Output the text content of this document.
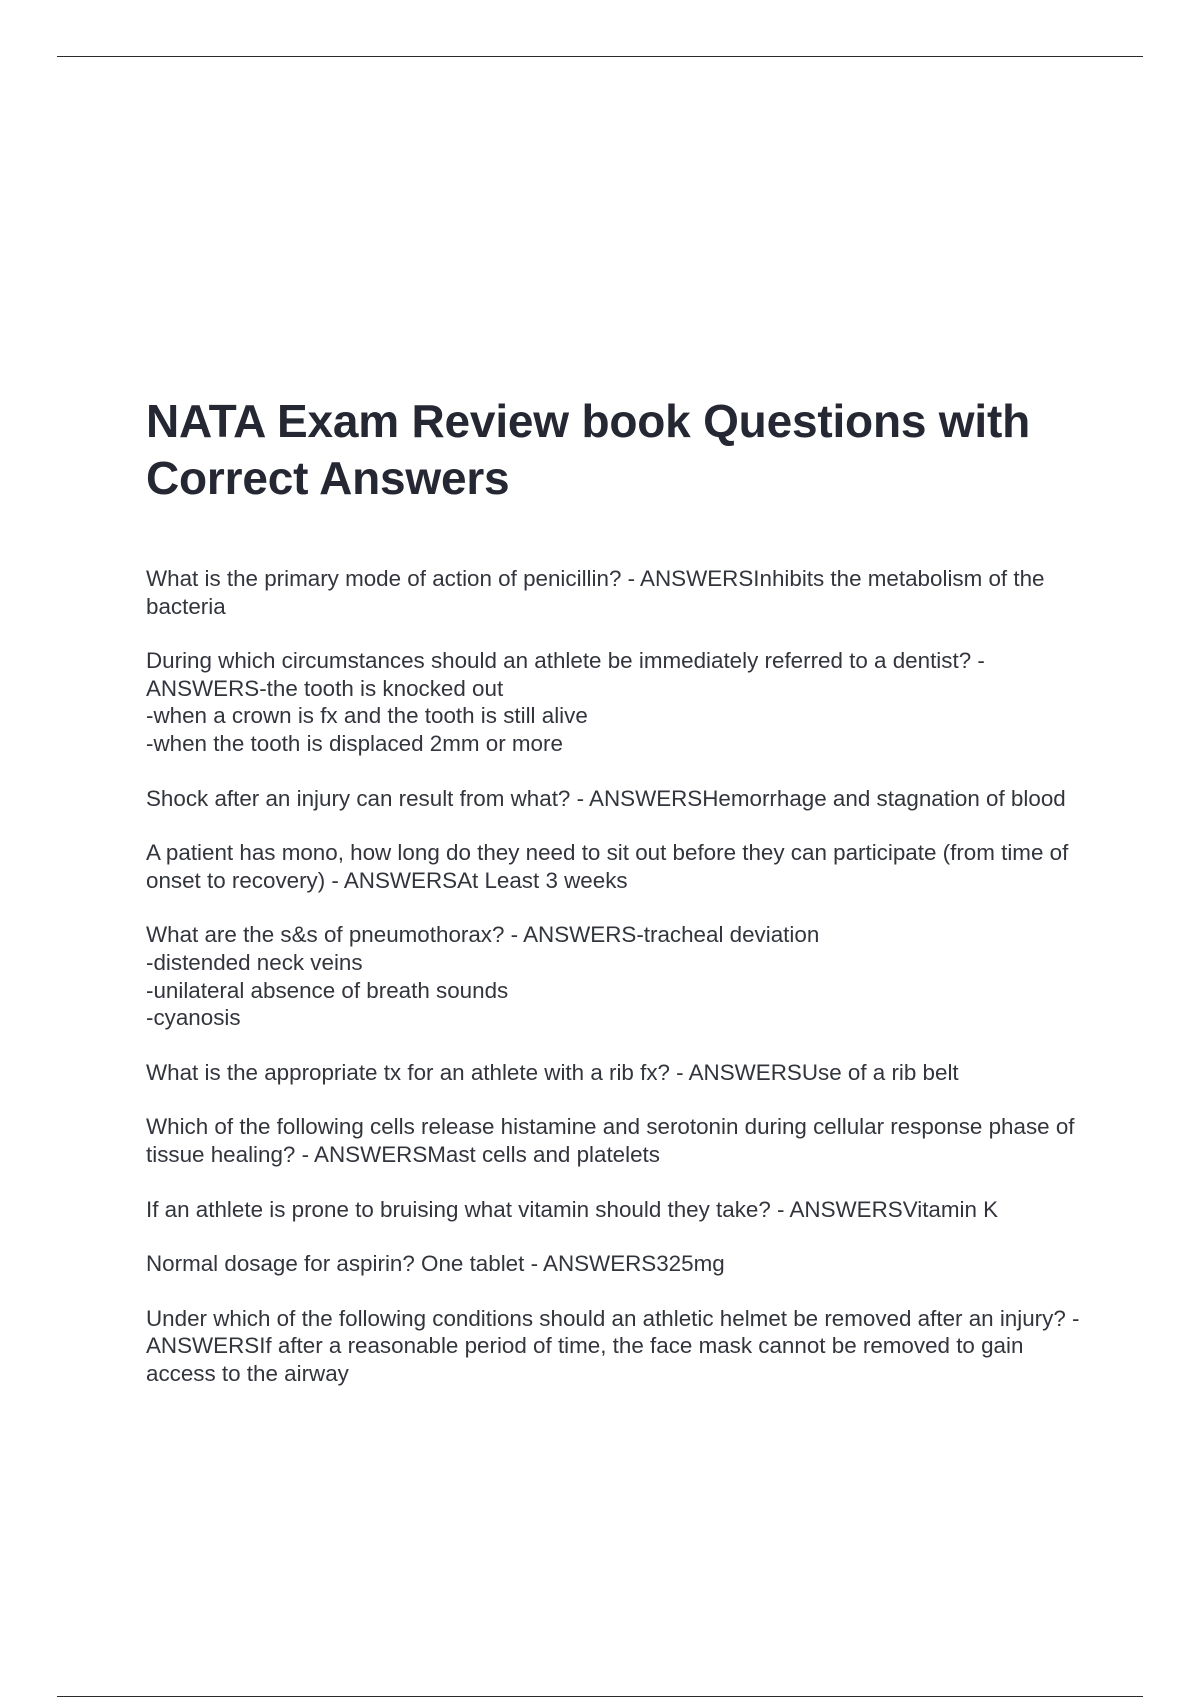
NATA Exam Review book Questions with Correct Answers

What is the primary mode of action of penicillin? - ANSWERSInhibits the metabolism of the bacteria

During which circumstances should an athlete be immediately referred to a dentist? - ANSWERS-the tooth is knocked out
-when a crown is fx and the tooth is still alive
-when the tooth is displaced 2mm or more

Shock after an injury can result from what? - ANSWERSHemorrhage and stagnation of blood

A patient has mono, how long do they need to sit out before they can participate (from time of onset to recovery) - ANSWERSAt Least 3 weeks

What are the s&s of pneumothorax? - ANSWERS-tracheal deviation
-distended neck veins
-unilateral absence of breath sounds
-cyanosis

What is the appropriate tx for an athlete with a rib fx? - ANSWERSUse of a rib belt

Which of the following cells release histamine and serotonin during cellular response phase of tissue healing? - ANSWERSMast cells and platelets

If an athlete is prone to bruising what vitamin should they take? - ANSWERSVitamin K

Normal dosage for aspirin? One tablet - ANSWERS325mg

Under which of the following conditions should an athletic helmet be removed after an injury? - ANSWERSIf after a reasonable period of time, the face mask cannot be removed to gain access to the airway
